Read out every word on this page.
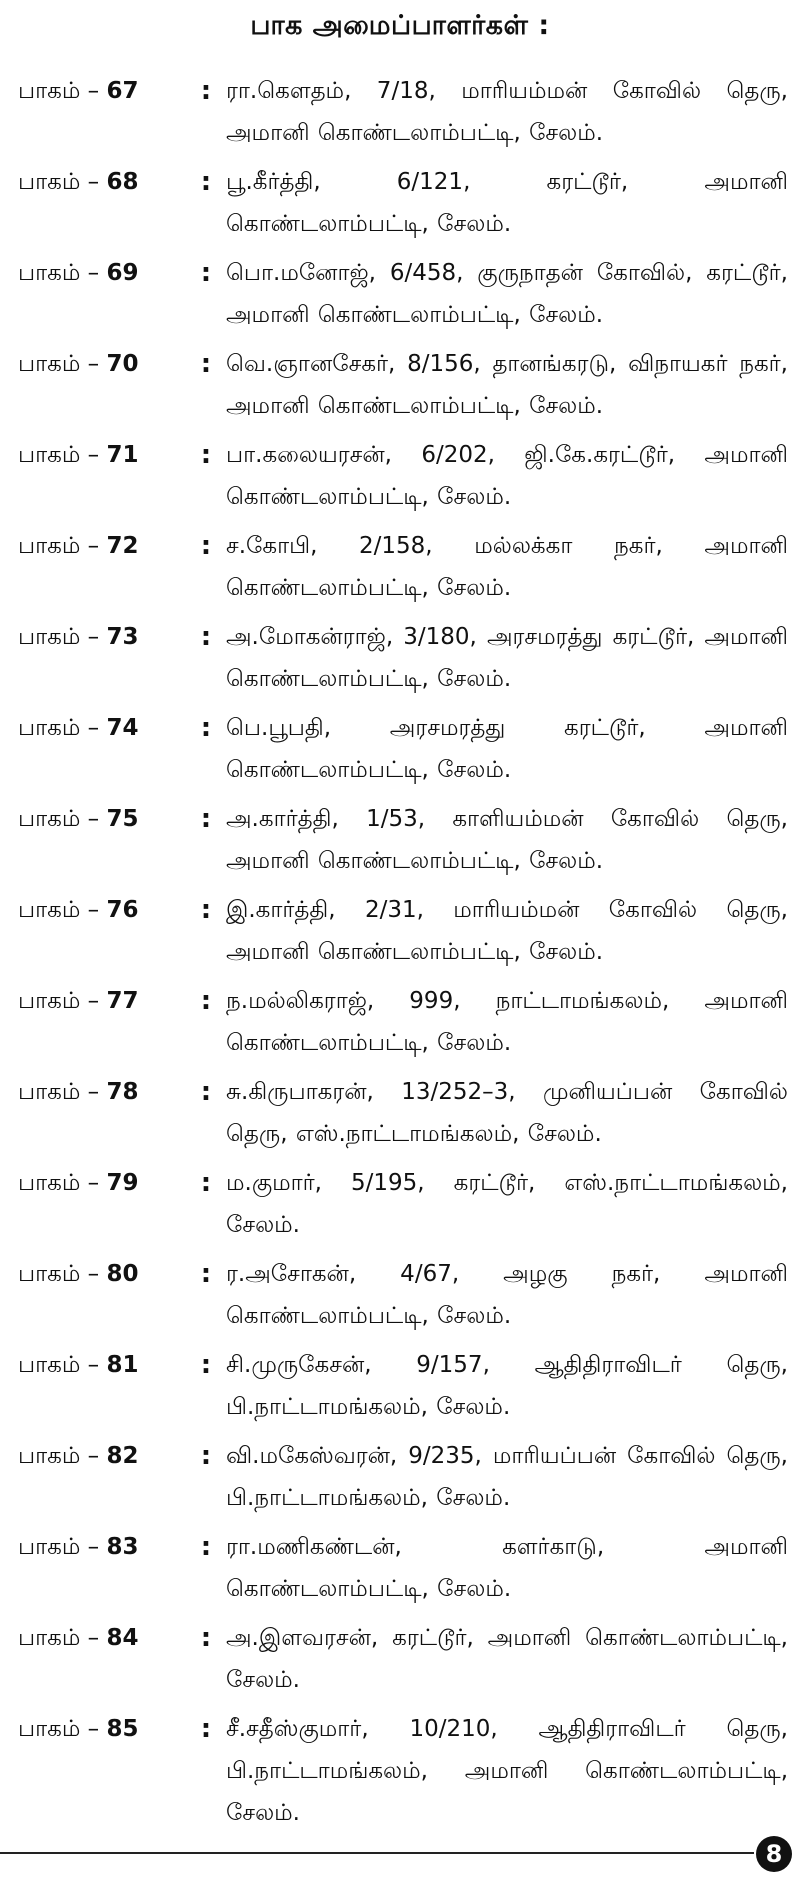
பாக அமைப்பாளர்கள் :
பாகம் – 67	: ரா.கௌதம், 7/18, மாரியம்மன் கோவில் தெரு, அமானி கொண்டலாம்பட்டி, சேலம்.
பாகம் – 68	: பூ.கீர்த்தி, 6/121, கரட்டூர், அமானி கொண்டலாம்பட்டி, சேலம்.
பாகம் – 69	: பொ.மனோஜ், 6/458, குருநாதன் கோவில், கரட்டூர், அமானி கொண்டலாம்பட்டி, சேலம்.
பாகம் – 70	: வெ.ஞானசேகர், 8/156, தானங்கரடு, விநாயகர் நகர், அமானி கொண்டலாம்பட்டி, சேலம்.
பாகம் – 71	: பா.கலையரசன், 6/202, ஜி.கே.கரட்டூர், அமானி கொண்டலாம்பட்டி, சேலம்.
பாகம் – 72	: ச.கோபி, 2/158, மல்லக்கா நகர், அமானி கொண்டலாம்பட்டி, சேலம்.
பாகம் – 73	: அ.மோகன்ராஜ், 3/180, அரசமரத்து கரட்டூர், அமானி கொண்டலாம்பட்டி, சேலம்.
பாகம் – 74	: பெ.பூபதி, அரசமரத்து கரட்டூர், அமானி கொண்டலாம்பட்டி, சேலம்.
பாகம் – 75	: அ.கார்த்தி, 1/53, காளியம்மன் கோவில் தெரு, அமானி கொண்டலாம்பட்டி, சேலம்.
பாகம் – 76	: இ.கார்த்தி, 2/31, மாரியம்மன் கோவில் தெரு, அமானி கொண்டலாம்பட்டி, சேலம்.
பாகம் – 77	: ந.மல்லிகராஜ், 999, நாட்டாமங்கலம், அமானி கொண்டலாம்பட்டி, சேலம்.
பாகம் – 78	: சு.கிருபாகரன், 13/252–3, முனியப்பன் கோவில் தெரு, எஸ்.நாட்டாமங்கலம், சேலம்.
பாகம் – 79	: ம.குமார், 5/195, கரட்டூர், எஸ்.நாட்டாமங்கலம், சேலம்.
பாகம் – 80	: ர.அசோகன், 4/67, அழகு நகர், அமானி கொண்டலாம்பட்டி, சேலம்.
பாகம் – 81	: சி.முருகேசன், 9/157, ஆதிதிராவிடர் தெரு, பி.நாட்டாமங்கலம், சேலம்.
பாகம் – 82	: வி.மகேஸ்வரன், 9/235, மாரியப்பன் கோவில் தெரு, பி.நாட்டாமங்கலம், சேலம்.
பாகம் – 83	: ரா.மணிகண்டன், களர்காடு, அமானி கொண்டலாம்பட்டி, சேலம்.
பாகம் – 84	: அ.இளவரசன், கரட்டூர், அமானி கொண்டலாம்பட்டி, சேலம்.
பாகம் – 85	: சீ.சதீஸ்குமார், 10/210, ஆதிதிராவிடர் தெரு, பி.நாட்டாமங்கலம், அமானி கொண்டலாம்பட்டி, சேலம்.
8
